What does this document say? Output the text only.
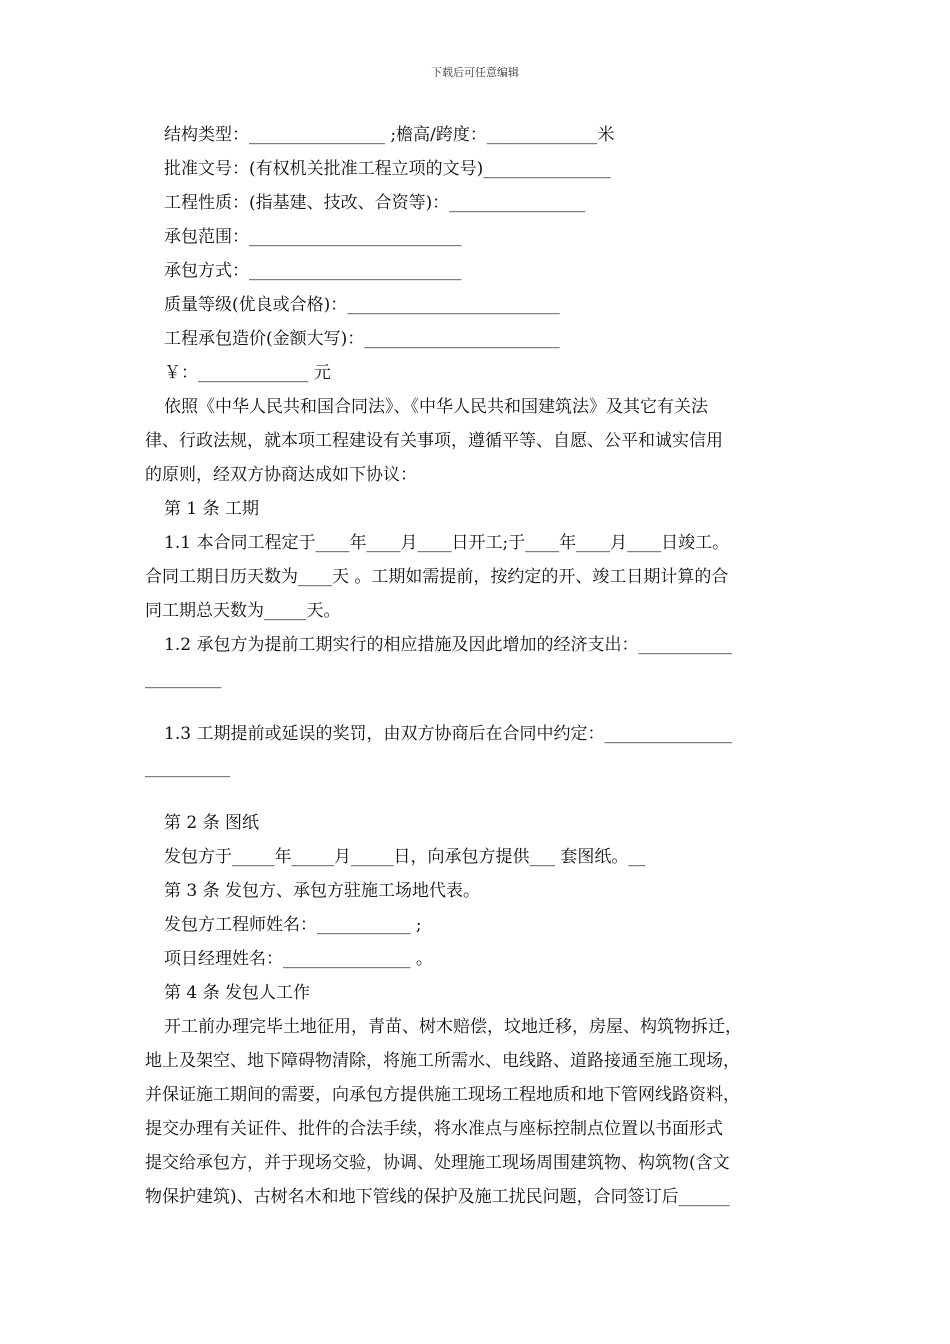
下载后可任意编辑
结构类型：________________ ;檐高/跨度：_____________米
批准文号：(有权机关批准工程立项的文号)_______________
工程性质：(指基建、技改、合资等)：________________
承包范围：_________________________
承包方式：_________________________
质量等级(优良或合格)：_________________________
工程承包造价(金额大写)：_______________________
￥：_____________ 元
依照《中华人民共和国合同法》、《中华人民共和国建筑法》及其它有关法
律、行政法规，就本项工程建设有关事项，遵循平等、自愿、公平和诚实信用
的原则，经双方协商达成如下协议：
第 1 条 工期
1.1 本合同工程定于____年____月____日开工;于____年____月____日竣工。
合同工期日历天数为____天 。工期如需提前，按约定的开、竣工日期计算的合
同工期总天数为_____天。
1.2 承包方为提前工期实行的相应措施及因此增加的经济支出：___________
_________
1.3 工期提前或延误的奖罚，由双方协商后在合同中约定：_______________
__________
第 2 条 图纸
发包方于_____年_____月_____日，向承包方提供___ 套图纸。__
第 3 条 发包方、承包方驻施工场地代表。
发包方工程师姓名：___________ ;
项日经理姓名：_______________ 。
第 4 条 发包人工作
开工前办理完毕土地征用，青苗、树木赔偿，坟地迁移，房屋、构筑物拆迁，
地上及架空、地下障碍物清除，将施工所需水、电线路、道路接通至施工现场，
并保证施工期间的需要，向承包方提供施工现场工程地质和地下管网线路资料，
提交办理有关证件、批件的合法手续，将水准点与座标控制点位置以书面形式
提交给承包方，并于现场交验，协调、处理施工现场周围建筑物、构筑物(含文
物保护建筑)、古树名木和地下管线的保护及施工扰民问题，合同签订后______
